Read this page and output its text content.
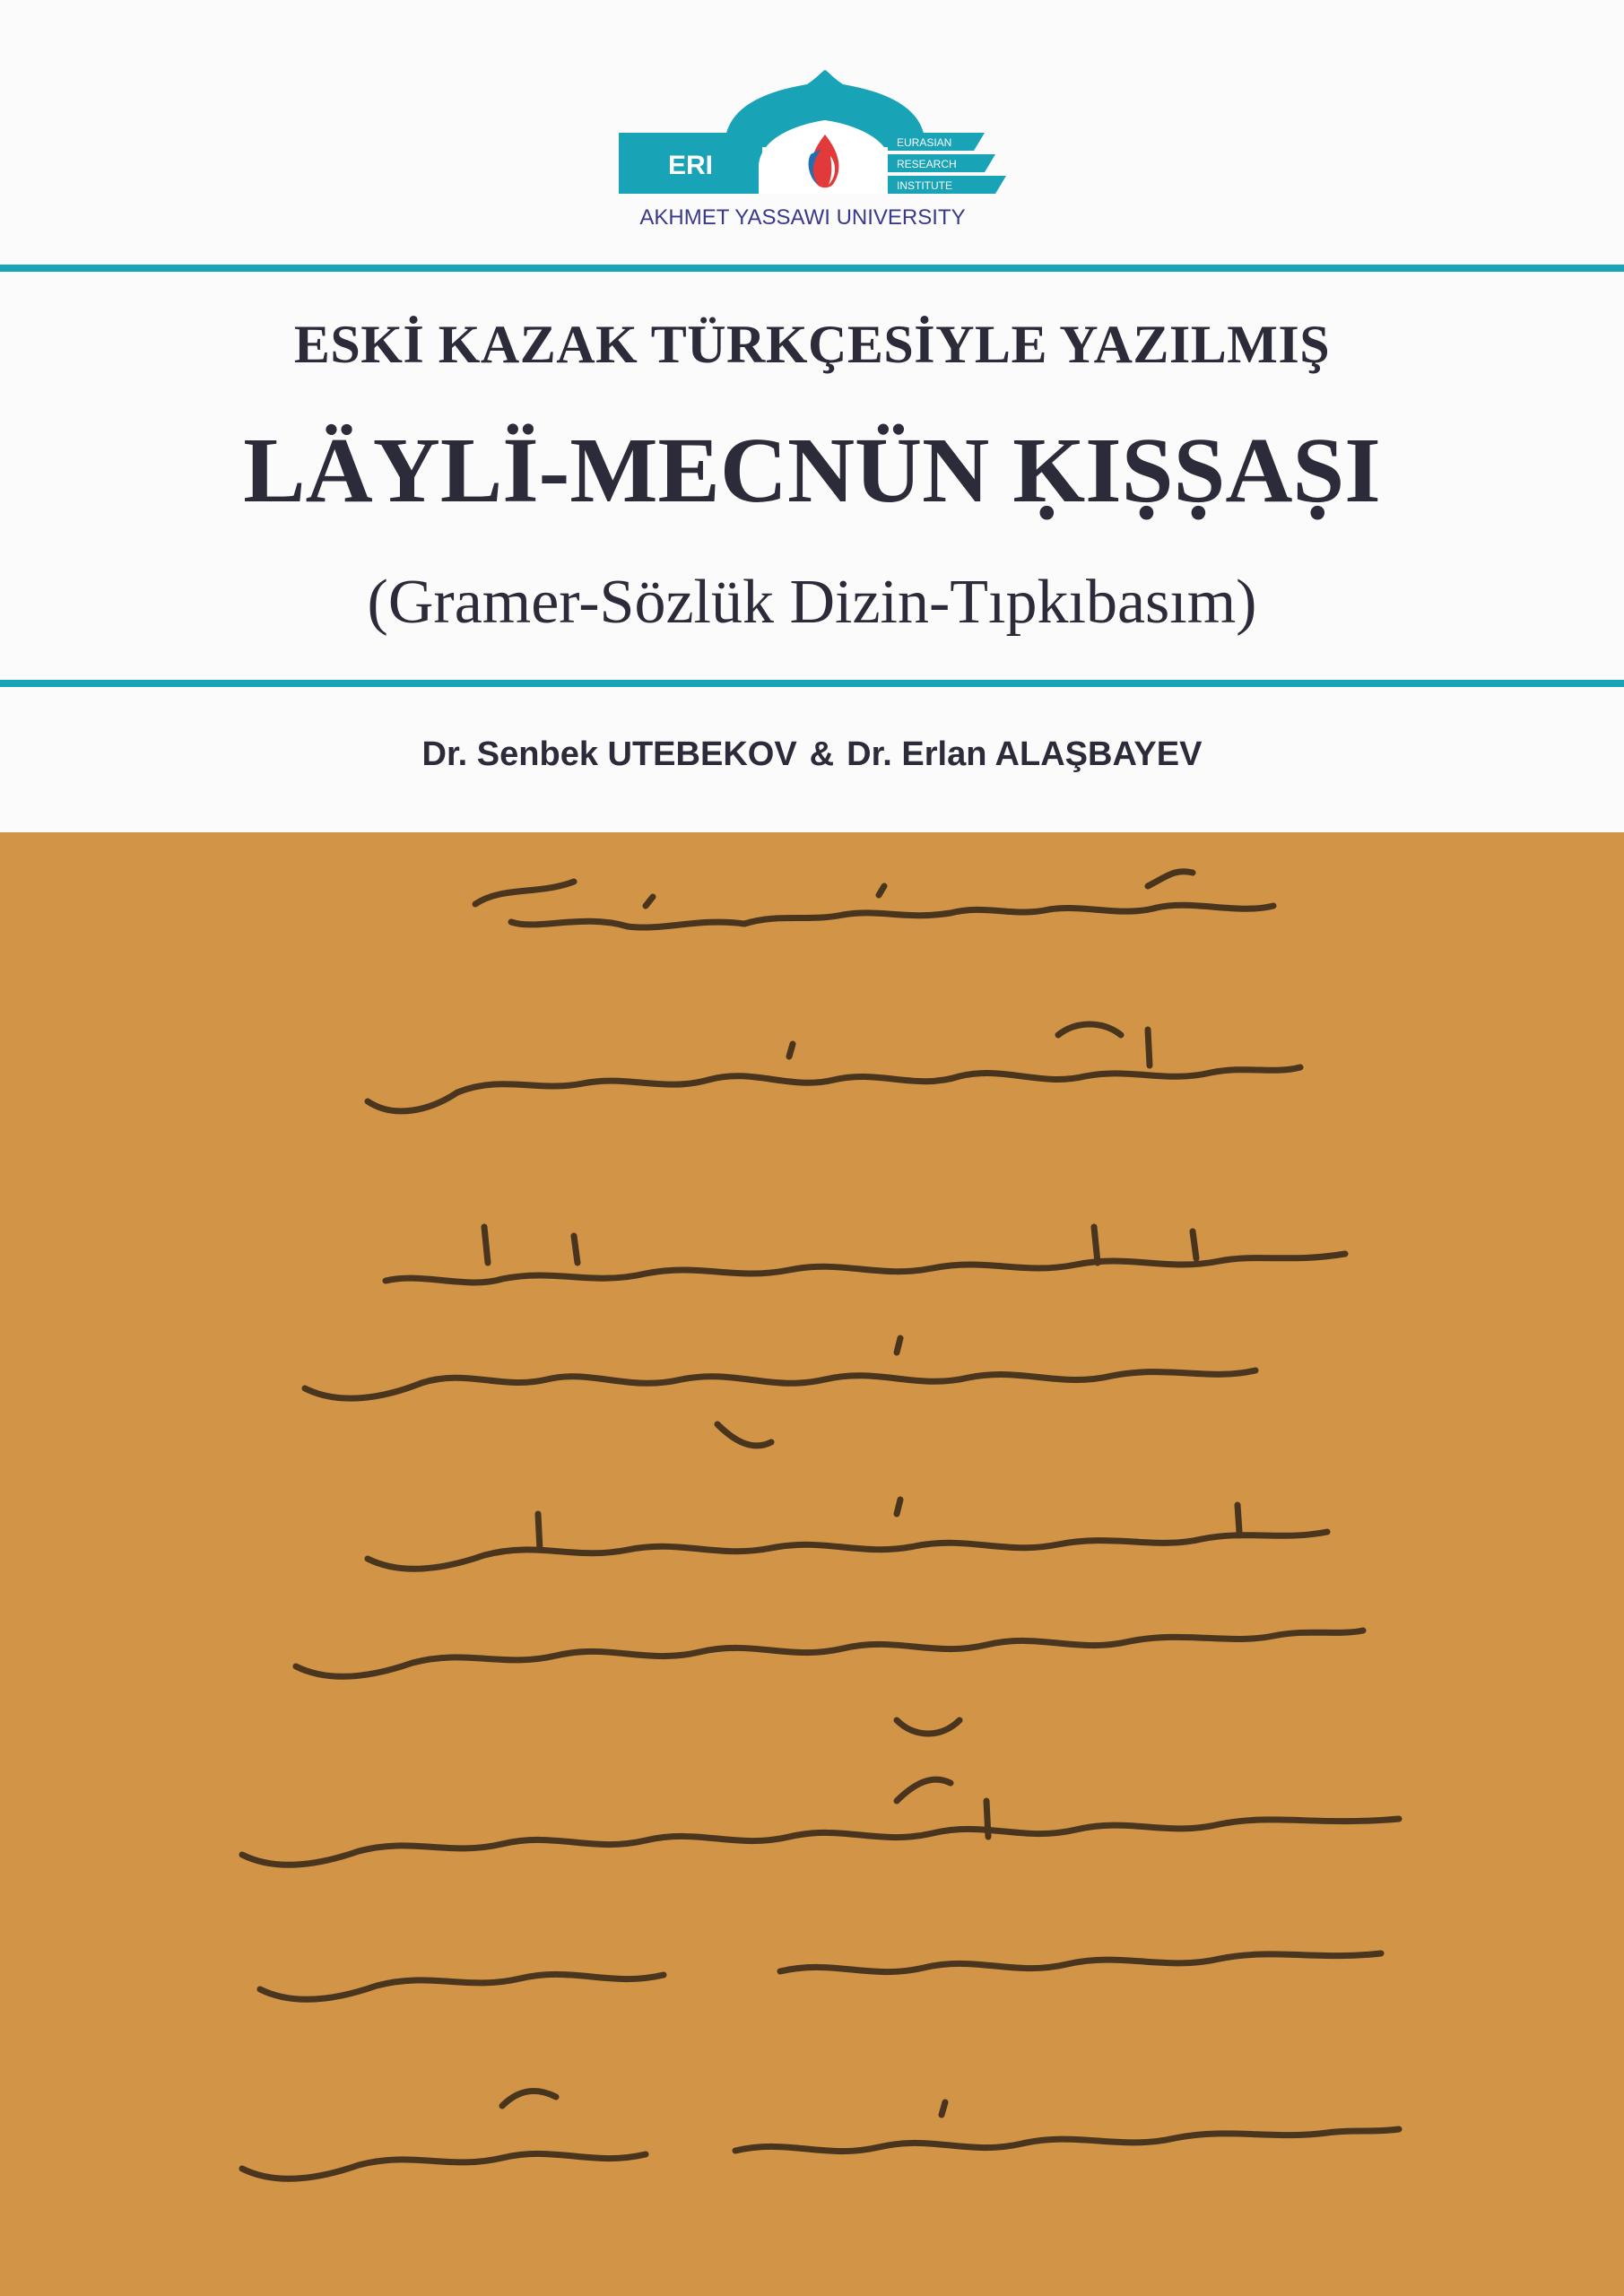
ERI
EURASIAN
RESEARCH
INSTITUTE
AKHMET YASSAWI UNIVERSITY
ESKİ KAZAK TÜRKÇESİYLE YAZILMIŞ
LÄYLÏ-MECNÜN ḲIṢṢAṢI
(Gramer-Sözlük Dizin-Tıpkıbasım)
Dr. Senbek UTEBEKOV & Dr. Erlan ALAŞBAYEV
